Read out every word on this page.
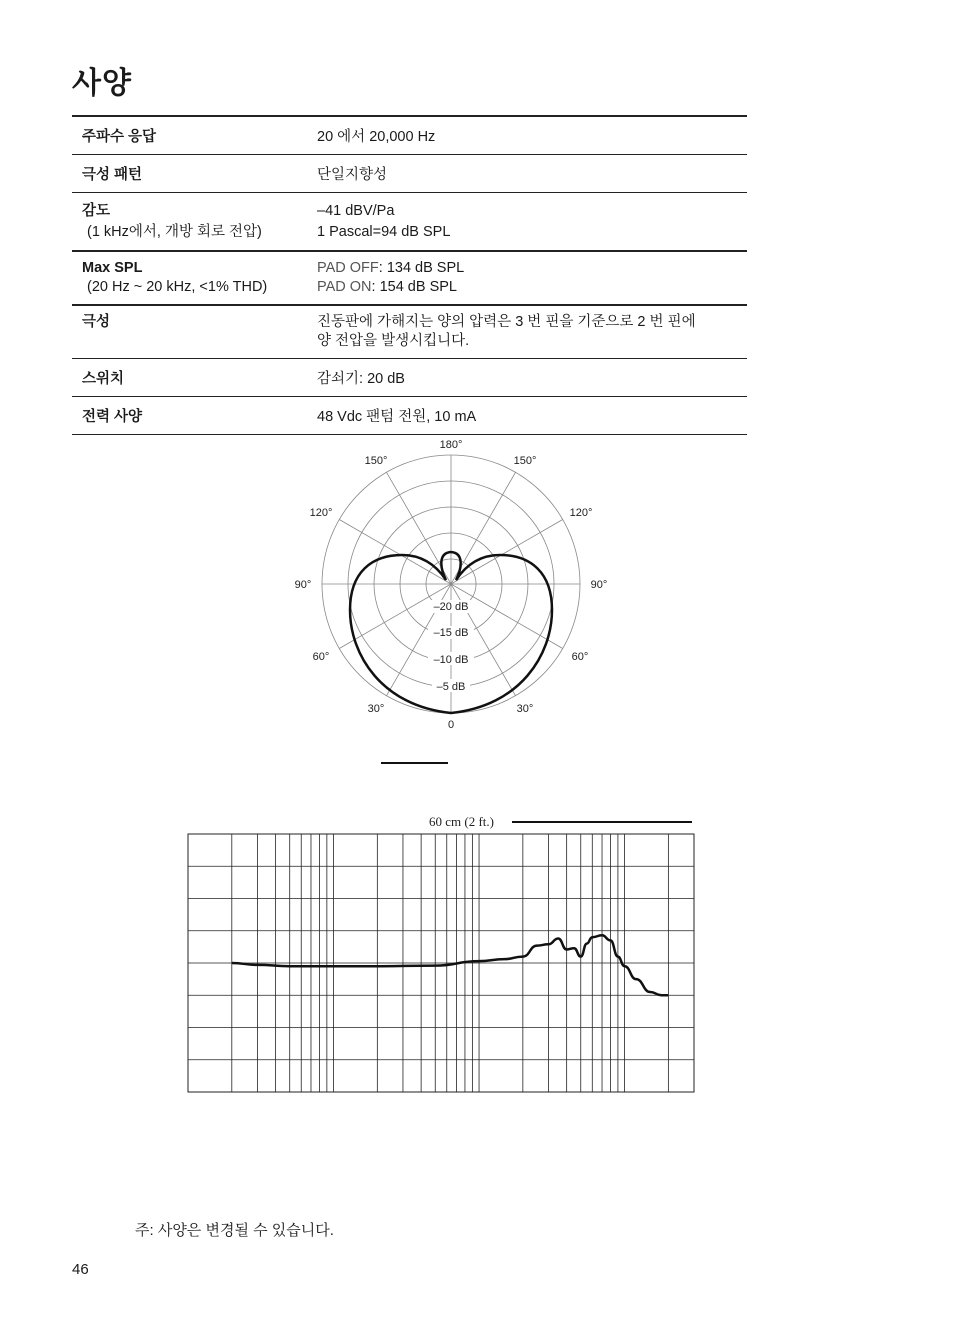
사양
주파수 응답	20 에서 20,000 Hz

극성 패턴	단일지향성

감도
(1 kHz에서, 개방 회로 전압)	–41 dBV/Pa
1 Pascal=94 dB SPL

Max SPL
(20 Hz ~ 20 kHz, <1% THD)	PAD OFF: 134 dB SPL
PAD ON: 154 dB SPL

극성	진동판에 가해지는 양의 압력은 3 번 핀을 기준으로 2 번 핀에
양 전압을 발생시킵니다.

스위치	감쇠기: 20 dB

전력 사양	48 Vdc 팬텀 전원, 10 mA
–20 dB
–15 dB
–10 dB
–5 dB
180°
150°	150°
120°	120°
90°	90°
60°	60°
30°	30°
0
60 cm (2 ft.)
주: 사양은 변경될 수 있습니다.
46
